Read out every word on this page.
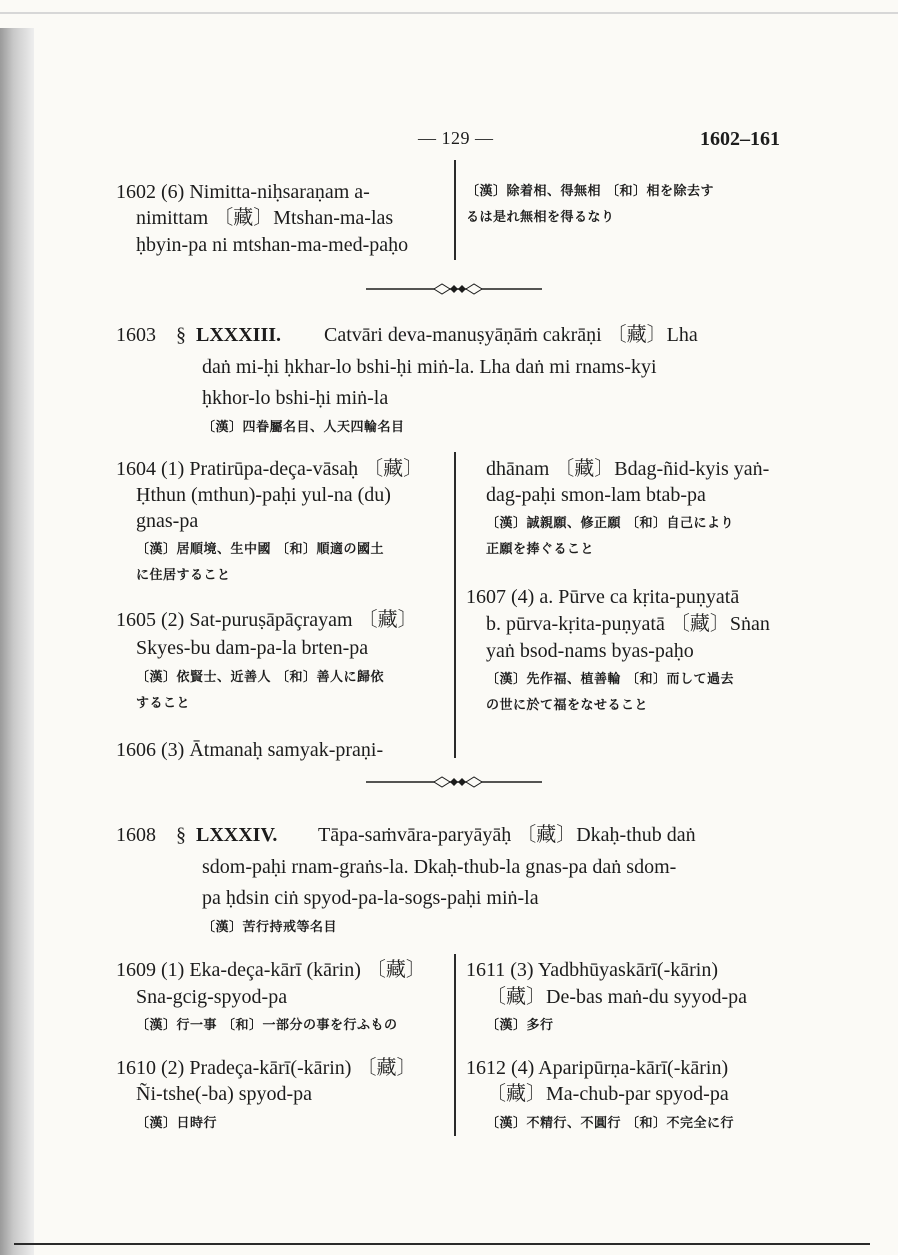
— 129 —	1602–161
1602 (6) Nimitta-niḥsaraṇam a-
nimittam 〔藏〕Mtshan-ma-las
ḥbyin-pa ni mtshan-ma-med-paḥo
〔漢〕除着相、得無相 〔和〕相を除去す
るは是れ無相を得るなり
1603 § LXXXIII. Catvāri deva-manuṣyāṇāṁ cakrāṇi 〔藏〕Lha
daṅ mi-ḥi ḥkhar-lo bshi-ḥi miṅ-la. Lha daṅ mi rnams-kyi
ḥkhor-lo bshi-ḥi miṅ-la
〔漢〕四眷屬名目、人天四輪名目
1604 (1) Pratirūpa-deça-vāsaḥ 〔藏〕
Ḥthun (mthun)-paḥi yul-na (du)
gnas-pa
〔漢〕居順境、生中國 〔和〕順適の國土
に住居すること
1605 (2) Sat-puruṣāpāçrayam 〔藏〕
Skyes-bu dam-pa-la brten-pa
〔漢〕依賢士、近善人 〔和〕善人に歸依
すること
1606 (3) Ātmanaḥ samyak-praṇi-
dhānam 〔藏〕Bdag-ñid-kyis yaṅ-
dag-paḥi smon-lam btab-pa
〔漢〕誠親願、修正願 〔和〕自己により
正願を捧ぐること
1607 (4) a. Pūrve ca kṛita-puṇyatā
b. pūrva-kṛita-puṇyatā 〔藏〕Sṅan
yaṅ bsod-nams byas-paḥo
〔漢〕先作福、植善輪 〔和〕而して過去
の世に於て福をなせること
1608 § LXXXIV. Tāpa-saṁvāra-paryāyāḥ 〔藏〕Dkaḥ-thub daṅ
sdom-paḥi rnam-graṅs-la. Dkaḥ-thub-la gnas-pa daṅ sdom-
pa ḥdsin ciṅ spyod-pa-la-sogs-paḥi miṅ-la
〔漢〕苦行持戒等名目
1609 (1) Eka-deça-kārī (kārin) 〔藏〕
Sna-gcig-spyod-pa
〔漢〕行一事 〔和〕一部分の事を行ふもの
1610 (2) Pradeça-kārī(-kārin) 〔藏〕
Ñi-tshe(-ba) spyod-pa
〔漢〕日時行
1611 (3) Yadbhūyaskārī(-kārin)
〔藏〕De-bas maṅ-du syyod-pa
〔漢〕多行
1612 (4) Aparipūrṇa-kārī(-kārin)
〔藏〕Ma-chub-par spyod-pa
〔漢〕不精行、不圓行 〔和〕不完全に行
